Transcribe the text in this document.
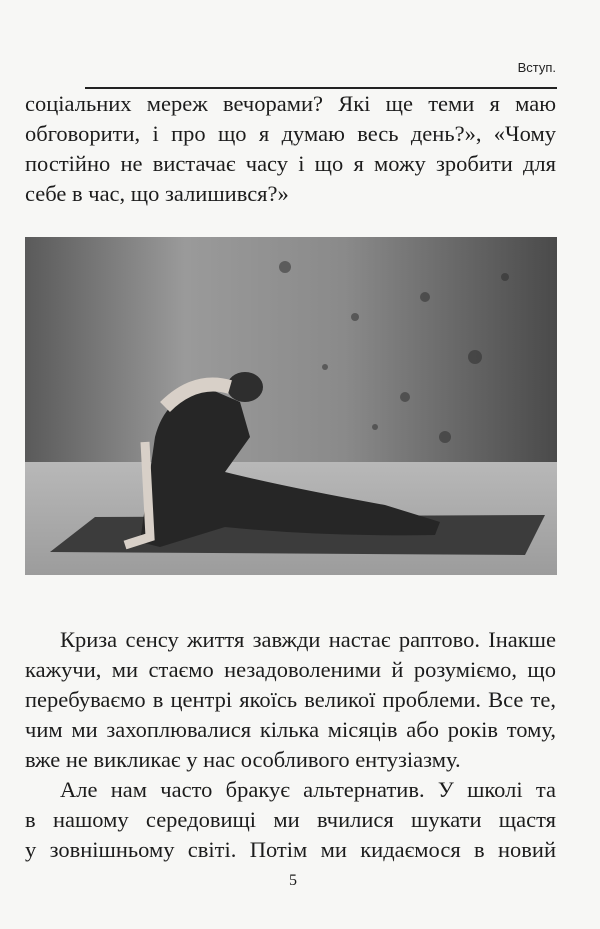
Вступ.
соціальних мереж вечорами? Які ще теми я маю
обговорити, і про що я думаю весь день?», «Чому
постійно не вистачає часу і що я можу зробити для
себе в час, що залишився?»
Криза сенсу життя завжди настає раптово. Інакше
кажучи, ми стаємо незадоволеними й розуміємо, що
перебуваємо в центрі якоїсь великої проблеми. Все те,
чим ми захоплювалися кілька місяців або років тому,
вже не викликає у нас особливого ентузіазму.
Але нам часто бракує альтернатив. У школі та
в нашому середовищі ми вчилися шукати щастя
у зовнішньому світі. Потім ми кидаємося в новий
5
